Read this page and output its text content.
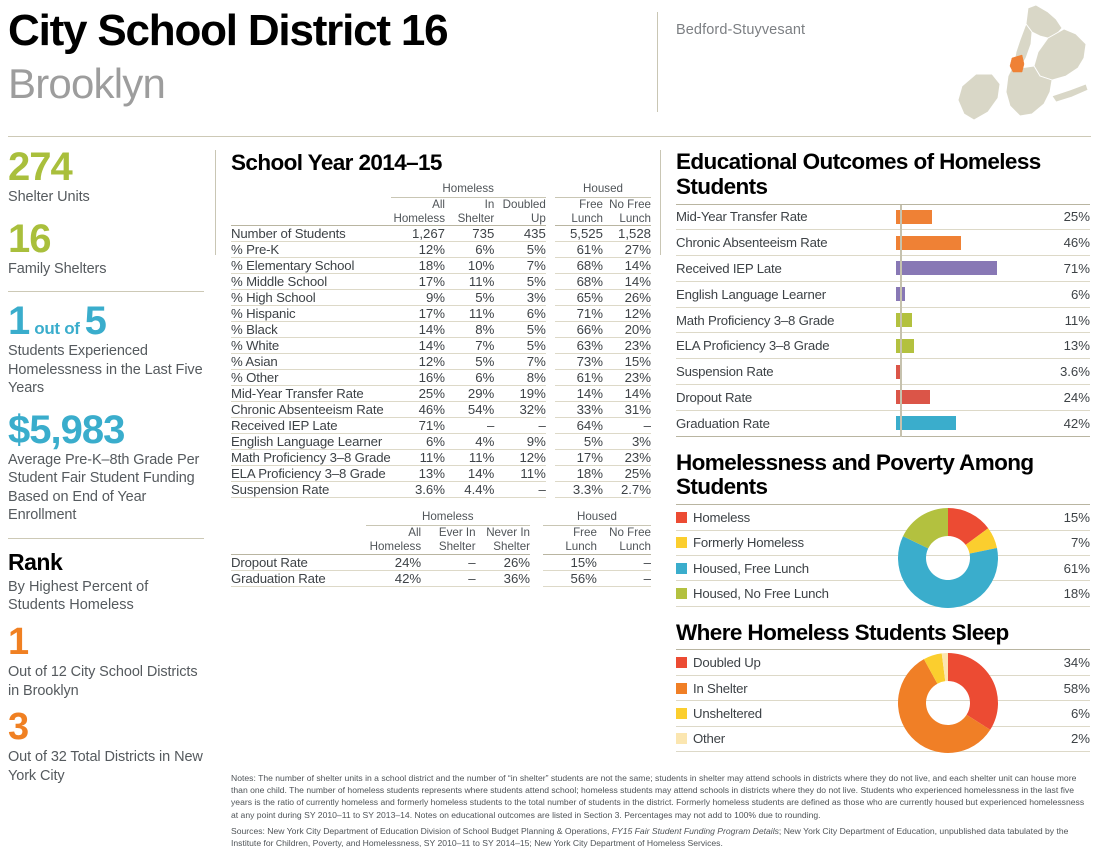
City School District 16
Brooklyn
Bedford-Stuyvesant
274
Shelter Units
16
Family Shelters
1 out of 5
Students Experienced Homelessness in the Last Five Years
$5,983
Average Pre-K–8th Grade Per Student Fair Student Funding Based on End of Year Enrollment
Rank
By Highest Percent of Students Homeless
1
Out of 12 City School Districts in Brooklyn
3
Out of 32 Total Districts in New York City
School Year 2014–15
	Homeless				Housed	
	All Homeless	In Shelter	Doubled Up		Free Lunch	No Free Lunch
Number of Students	1,267	735	435		5,525	1,528
% Pre-K	12%	6%	5%		61%	27%
% Elementary School	18%	10%	7%		68%	14%
% Middle School	17%	11%	5%		68%	14%
% High School	9%	5%	3%		65%	26%
% Hispanic	17%	11%	6%		71%	12%
% Black	14%	8%	5%		66%	20%
% White	14%	7%	5%		63%	23%
% Asian	12%	5%	7%		73%	15%
% Other	16%	6%	8%		61%	23%
Mid-Year Transfer Rate	25%	29%	19%		14%	14%
Chronic Absenteeism Rate	46%	54%	32%		33%	31%
Received IEP Late	71%	–	–		64%	–
English Language Learner	6%	4%	9%		5%	3%
Math Proficiency 3–8 Grade	11%	11%	12%		17%	23%
ELA Proficiency 3–8 Grade	13%	14%	11%		18%	25%
Suspension Rate	3.6%	4.4%	–		3.3%	2.7%
	Homeless				Housed	
	All Homeless	Ever In Shelter	Never In Shelter		Free Lunch	No Free Lunch
Dropout Rate	24%	–	26%		15%	–
Graduation Rate	42%	–	36%		56%	–
Educational Outcomes of Homeless Students
Mid-Year Transfer Rate	25%
Chronic Absenteeism Rate	46%
Received IEP Late	71%
English Language Learner	6%
Math Proficiency 3–8 Grade	11%
ELA Proficiency 3–8 Grade	13%
Suspension Rate	3.6%
Dropout Rate	24%
Graduation Rate	42%
Homelessness and Poverty Among Students
Homeless	15%
Formerly Homeless	7%
Housed, Free Lunch	61%
Housed, No Free Lunch	18%
Where Homeless Students Sleep
Doubled Up	34%
In Shelter	58%
Unsheltered	6%
Other	2%

Notes: The number of shelter units in a school district and the number of “in shelter” students are not the same; students in shelter may attend schools in districts where they do not live, and each shelter unit can house more than one child. The number of homeless students represents where students attend school; homeless students may attend schools in districts where they do not live. Students who experienced homelessness in the last five years is the ratio of currently homeless and formerly homeless students to the total number of students in the district. Formerly homeless students are defined as those who are currently housed but experienced homelessness at any point during SY 2010–11 to SY 2013–14. Notes on educational outcomes are listed in Section 3. Percentages may not add to 100% due to rounding.

Sources: New York City Department of Education Division of School Budget Planning & Operations, FY15 Fair Student Funding Program Details; New York City Department of Education, unpublished data tabulated by the Institute for Children, Poverty, and Homelessness, SY 2010–11 to SY 2014–15; New York City Department of Homeless Services.
